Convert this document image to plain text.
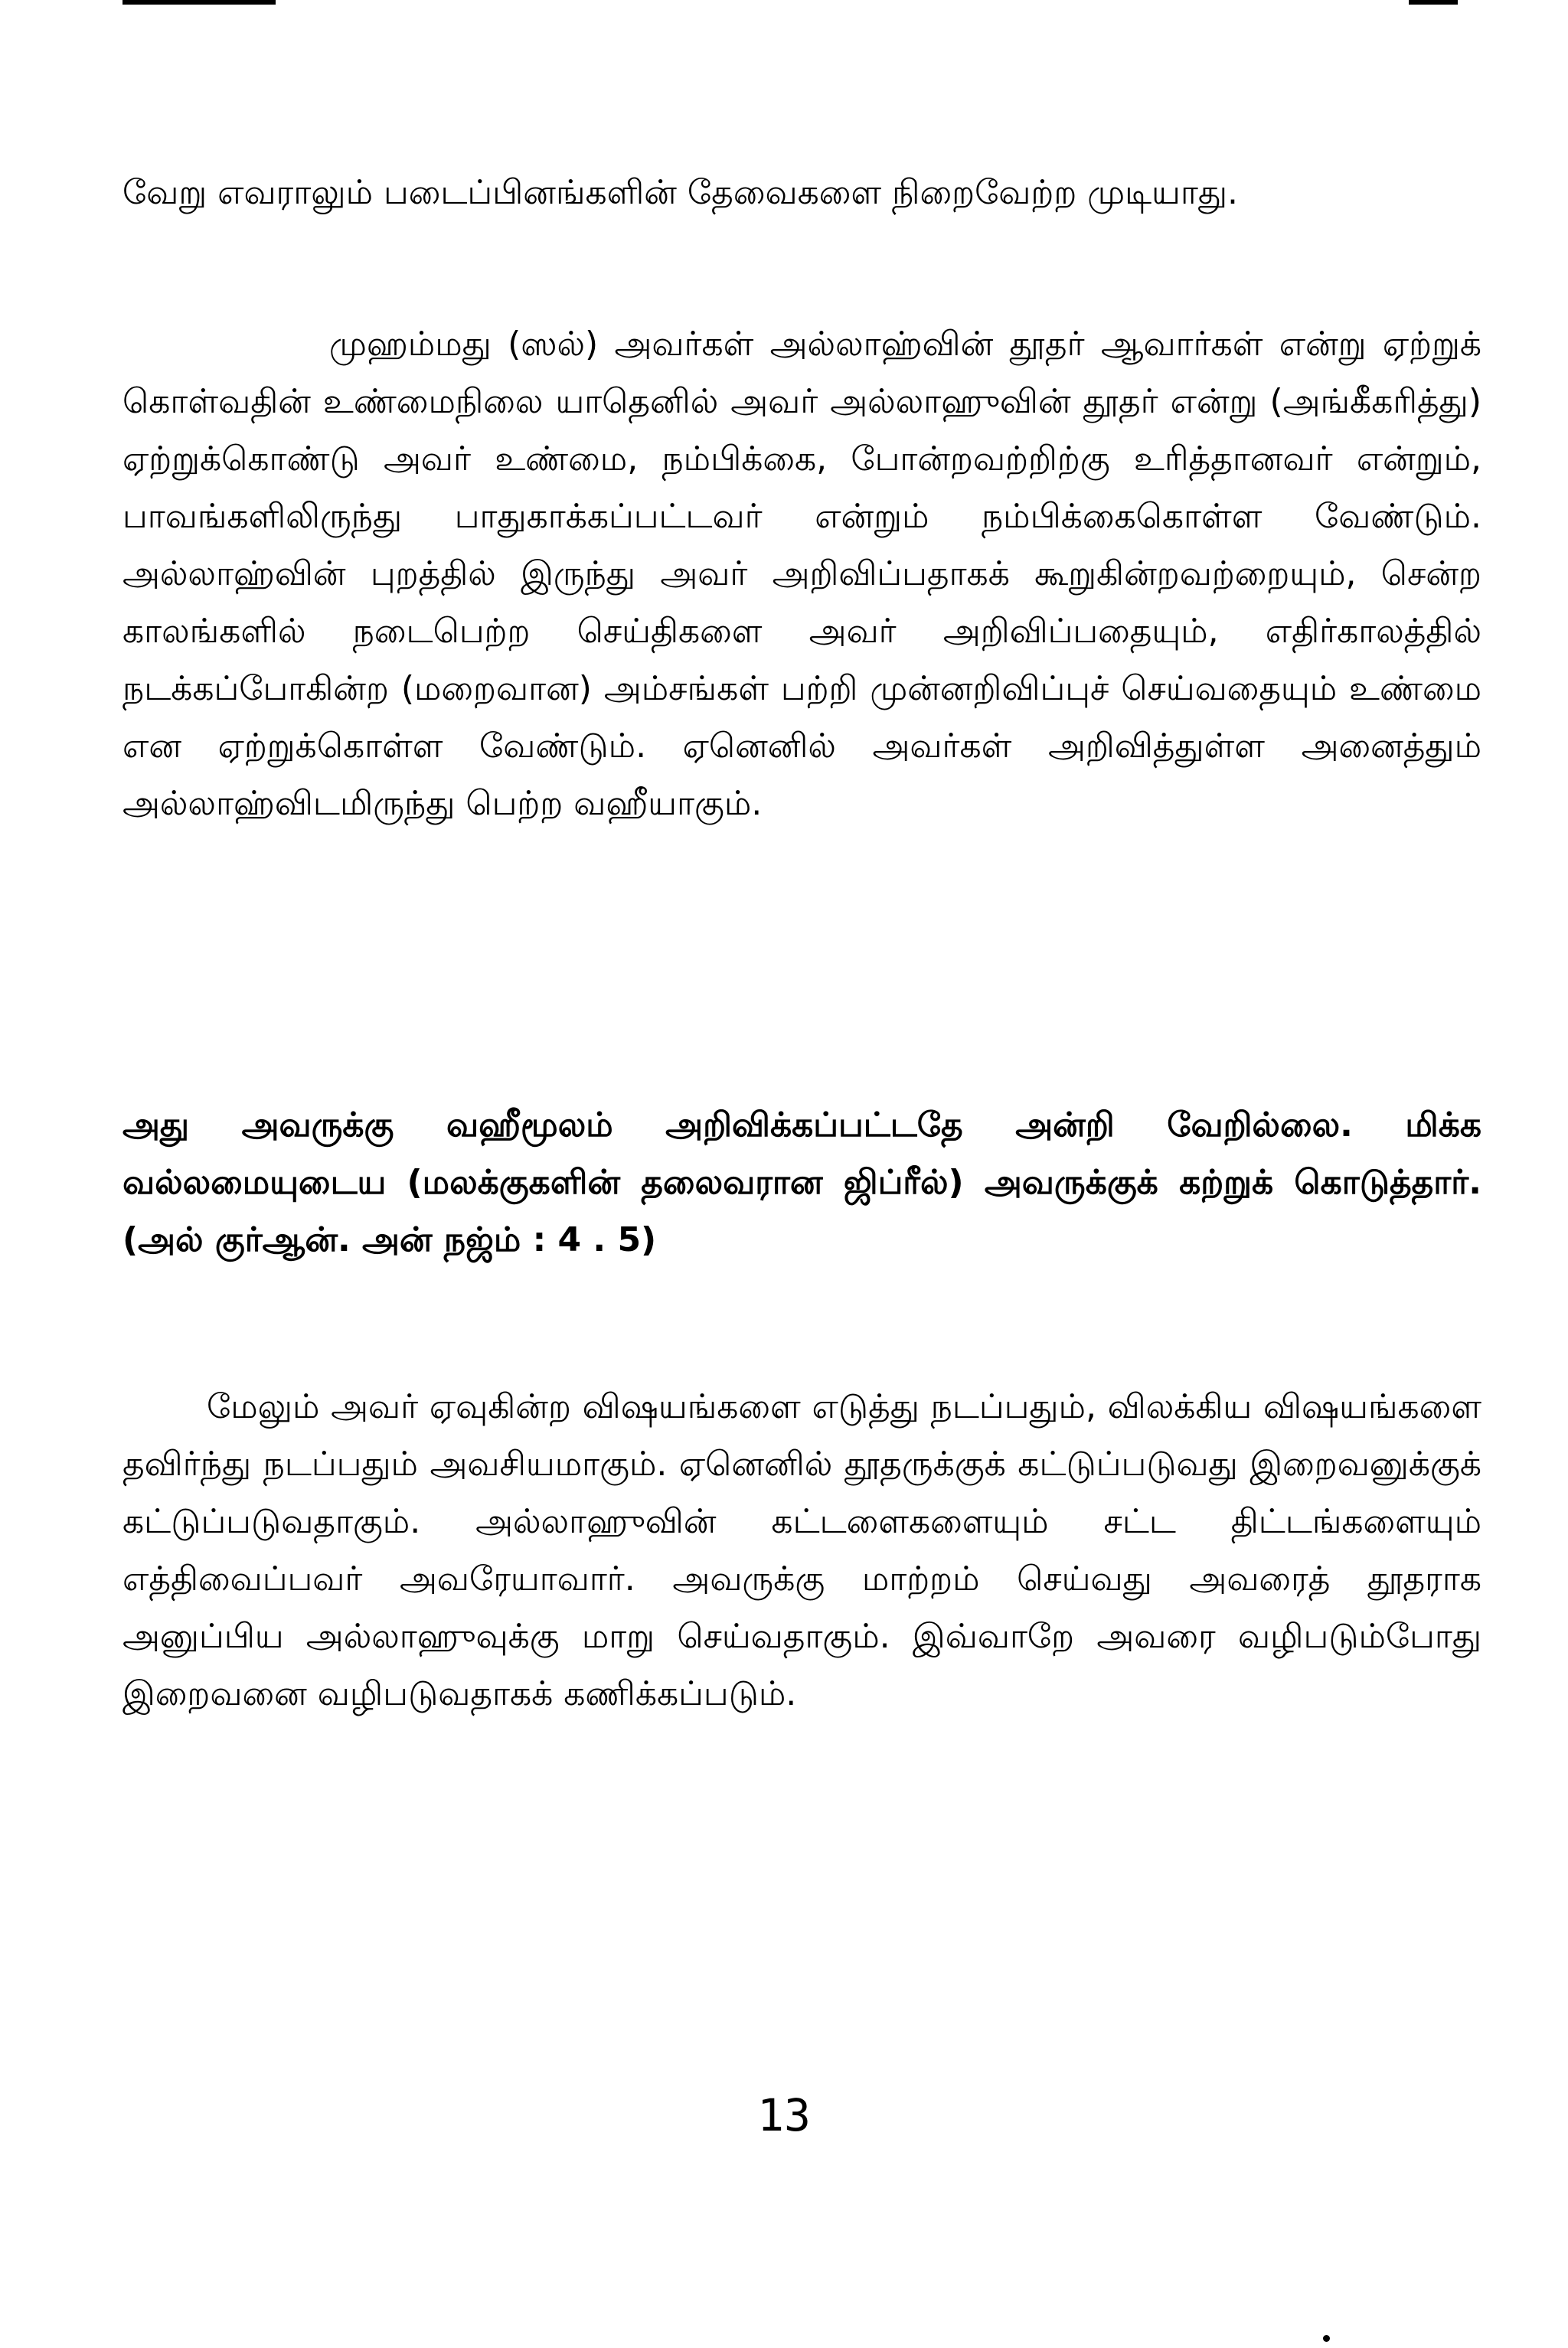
வேறு எவராலும் படைப்பினங்களின் தேவைகளை நிறைவேற்ற முடியாது.

முஹம்மது (ஸல்) அவர்கள் அல்லாஹ்வின் தூதர் ஆவார்கள் என்று ஏற்றுக் கொள்வதின் உண்மைநிலை யாதெனில் அவர் அல்லாஹுவின் தூதர் என்று (அங்கீகரித்து) ஏற்றுக்கொண்டு அவர் உண்மை, நம்பிக்கை, போன்றவற்றிற்கு உரித்தானவர் என்றும், பாவங்களிலிருந்து பாதுகாக்கப்பட்டவர் என்றும் நம்பிக்கைகொள்ள வேண்டும். அல்லாஹ்வின் புறத்தில் இருந்து அவர் அறிவிப்பதாகக் கூறுகின்றவற்றையும், சென்ற காலங்களில் நடைபெற்ற செய்திகளை அவர் அறிவிப்பதையும், எதிர்காலத்தில் நடக்கப்போகின்ற (மறைவான) அம்சங்கள் பற்றி முன்னறிவிப்புச் செய்வதையும் உண்மை என ஏற்றுக்கொள்ள வேண்டும். ஏனெனில் அவர்கள் அறிவித்துள்ள அனைத்தும் அல்லாஹ்விடமிருந்து பெற்ற வஹீயாகும்.

அது அவருக்கு வஹீமூலம் அறிவிக்கப்பட்டதே அன்றி வேறில்லை. மிக்க வல்லமையுடைய (மலக்குகளின் தலைவரான ஜிப்ரீல்) அவருக்குக் கற்றுக் கொடுத்தார். (அல் குர்ஆன். அன் நஜ்ம் : 4 . 5)

மேலும் அவர் ஏவுகின்ற விஷயங்களை எடுத்து நடப்பதும், விலக்கிய விஷயங்களை தவிர்ந்து நடப்பதும் அவசியமாகும். ஏனெனில் தூதருக்குக் கட்டுப்படுவது இறைவனுக்குக் கட்டுப்படுவதாகும். அல்லாஹுவின் கட்டளைகளையும் சட்ட திட்டங்களையும் எத்திவைப்பவர் அவரேயாவார். அவருக்கு மாற்றம் செய்வது அவரைத் தூதராக அனுப்பிய அல்லாஹுவுக்கு மாறு செய்வதாகும். இவ்வாறே அவரை வழிபடும்போது இறைவனை வழிபடுவதாகக் கணிக்கப்படும்.

13
